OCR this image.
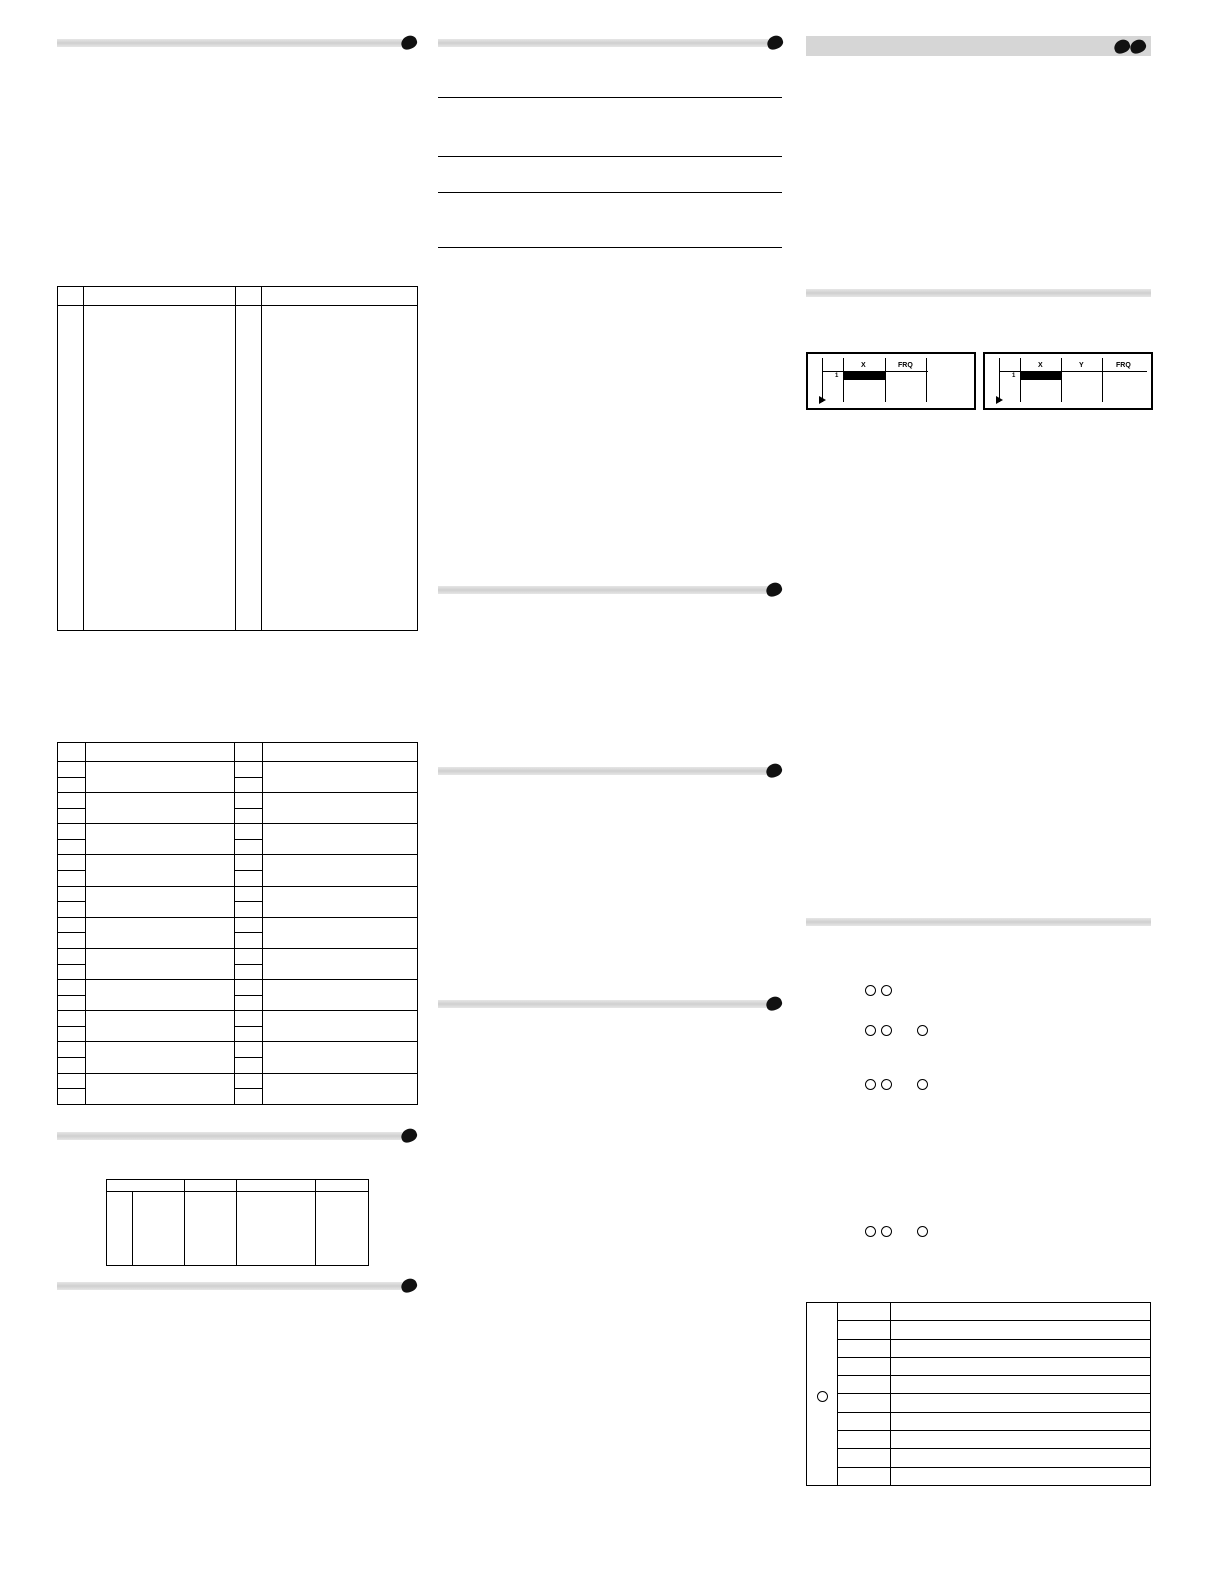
X	FRQ
1
X	Y	FRQ
1
